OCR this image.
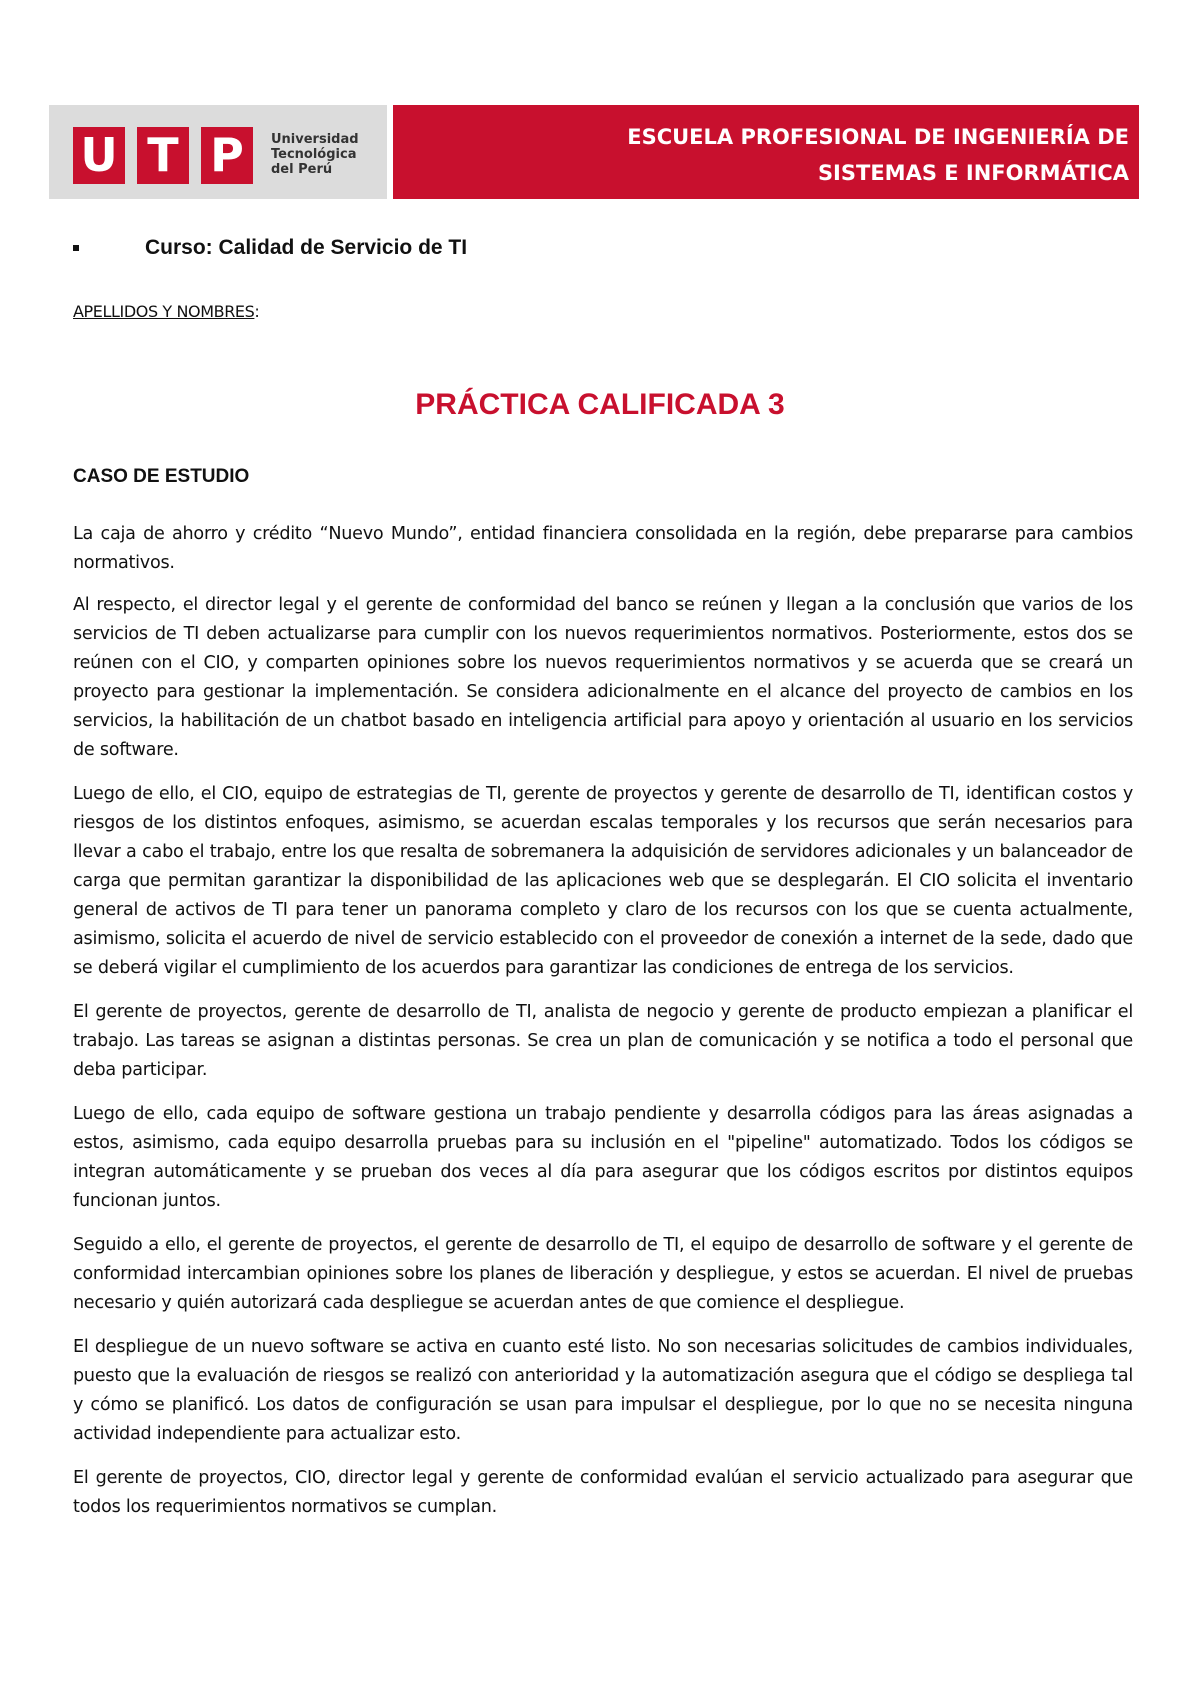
U T P	Universidad
Tecnológica
del Perú
ESCUELA PROFESIONAL DE INGENIERÍA DE
SISTEMAS E INFORMÁTICA
Curso: Calidad de Servicio de TI
APELLIDOS Y NOMBRES:
PRÁCTICA CALIFICADA 3
CASO DE ESTUDIO

La caja de ahorro y crédito “Nuevo Mundo”, entidad financiera consolidada en la región, debe prepararse para cambios normativos.

Al respecto, el director legal y el gerente de conformidad del banco se reúnen y llegan a la conclusión que varios de los servicios de TI deben actualizarse para cumplir con los nuevos requerimientos normativos. Posteriormente, estos dos se reúnen con el CIO, y comparten opiniones sobre los nuevos requerimientos normativos y se acuerda que se creará un proyecto para gestionar la implementación. Se considera adicionalmente en el alcance del proyecto de cambios en los servicios, la habilitación de un chatbot basado en inteligencia artificial para apoyo y orientación al usuario en los servicios de software.

Luego de ello, el CIO, equipo de estrategias de TI, gerente de proyectos y gerente de desarrollo de TI, identifican costos y riesgos de los distintos enfoques, asimismo, se acuerdan escalas temporales y los recursos que serán necesarios para llevar a cabo el trabajo, entre los que resalta de sobremanera la adquisición de servidores adicionales y un balanceador de carga que permitan garantizar la disponibilidad de las aplicaciones web que se desplegarán. El CIO solicita el inventario general de activos de TI para tener un panorama completo y claro de los recursos con los que se cuenta actualmente, asimismo, solicita el acuerdo de nivel de servicio establecido con el proveedor de conexión a internet de la sede, dado que se deberá vigilar el cumplimiento de los acuerdos para garantizar las condiciones de entrega de los servicios.

El gerente de proyectos, gerente de desarrollo de TI, analista de negocio y gerente de producto empiezan a planificar el trabajo. Las tareas se asignan a distintas personas. Se crea un plan de comunicación y se notifica a todo el personal que deba participar.

Luego de ello, cada equipo de software gestiona un trabajo pendiente y desarrolla códigos para las áreas asignadas a estos, asimismo, cada equipo desarrolla pruebas para su inclusión en el "pipeline" automatizado. Todos los códigos se integran automáticamente y se prueban dos veces al día para asegurar que los códigos escritos por distintos equipos funcionan juntos.

Seguido a ello, el gerente de proyectos, el gerente de desarrollo de TI, el equipo de desarrollo de software y el gerente de conformidad intercambian opiniones sobre los planes de liberación y despliegue, y estos se acuerdan. El nivel de pruebas necesario y quién autorizará cada despliegue se acuerdan antes de que comience el despliegue.

El despliegue de un nuevo software se activa en cuanto esté listo. No son necesarias solicitudes de cambios individuales, puesto que la evaluación de riesgos se realizó con anterioridad y la automatización asegura que el código se despliega tal y cómo se planificó. Los datos de configuración se usan para impulsar el despliegue, por lo que no se necesita ninguna actividad independiente para actualizar esto.

El gerente de proyectos, CIO, director legal y gerente de conformidad evalúan el servicio actualizado para asegurar que todos los requerimientos normativos se cumplan.
